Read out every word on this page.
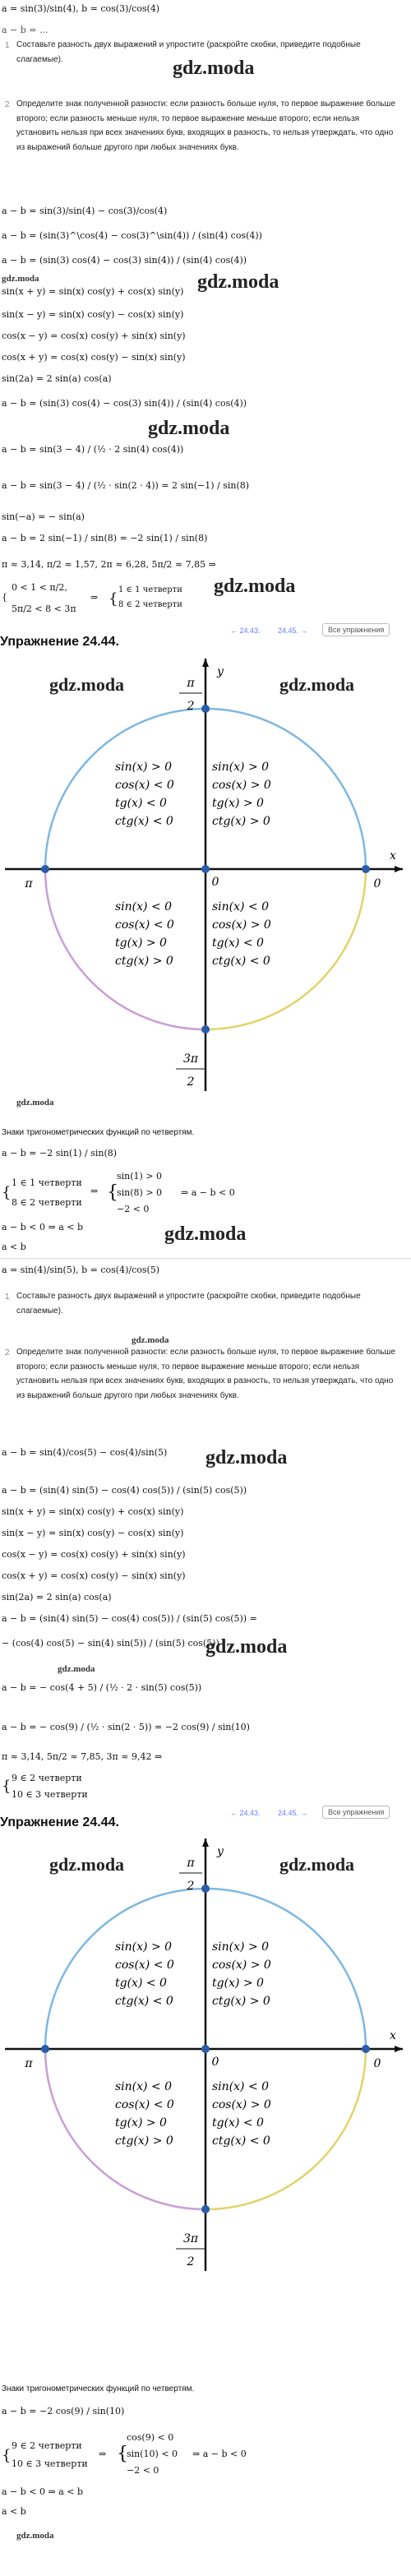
a = sin(3)/sin(4), b = cos(3)/cos(4)
a − b = ...
1 Составьте разность двух выражений и упростите (раскройте скобки, приведите подобные слагаемые).	gdz.moda
2 Определите знак полученной разности: если разность больше нуля, то первое выражение больше второго; если разность меньше нуля, то первое выражение меньше второго; если нельзя установить нельзя при всех значениях букв, входящих в разность, то нельзя утверждать, что одно из выражений больше другого при любых значениях букв.
a − b = sin(3)/sin(4) − cos(3)/cos(4)
a − b = (sin(3)^\cos(4) − cos(3)^\sin(4)) / (sin(4) cos(4))
a − b = (sin(3) cos(4) − cos(3) sin(4)) / (sin(4) cos(4))
gdz.moda
sin(x + y) = sin(x) cos(y) + cos(x) sin(y) gdz.moda
sin(x − y) = sin(x) cos(y) − cos(x) sin(y)
cos(x − y) = cos(x) cos(y) + sin(x) sin(y)
cos(x + y) = cos(x) cos(y) − sin(x) sin(y)
sin(2a) = 2 sin(a) cos(a)
a − b = (sin(3) cos(4) − cos(3) sin(4)) / (sin(4) cos(4))
gdz.moda
a − b = sin(3 − 4) / (½ · 2 sin(4) cos(4))
a − b = sin(3 − 4) / (½ · sin(2 · 4)) = 2 sin(−1) / sin(8)
sin(−a) = − sin(a)
a − b = 2 sin(−1) / sin(8) = −2 sin(1) / sin(8)
π ≈ 3,14, π/2 ≈ 1,57, 2π ≈ 6,28, 5π/2 ≈ 7,85 ⇒
0 < 1 < π/2,
5π/2 < 8 < 3π
{	⇒ {
1 ∈ 1 четверти
8 ∈ 2 четверти
gdz.moda
← 24.43. 24.45. →	Все упражнения
Упражнение 24.44.
y
x
π
2
3π
2
π	0
0
sin(x) > 0
cos(x) > 0
tg(x) > 0
ctg(x) > 0
sin(x) > 0
cos(x) < 0
tg(x) < 0
ctg(x) < 0
sin(x) < 0
cos(x) < 0
tg(x) > 0
ctg(x) > 0
sin(x) < 0
cos(x) > 0
tg(x) < 0
ctg(x) < 0
gdz.moda	gdz.moda
gdz.moda
Знаки тригонометрических функций по четвертям.
a − b = −2 sin(1) / sin(8)
{
1 ∈ 1 четверти
8 ∈ 2 четверти
⇒ {
sin(1) > 0
sin(8) > 0
−2 < 0
⇒ a − b < 0
a − b < 0 ⇒ a < b	gdz.moda
a < b
a = sin(4)/sin(5), b = cos(4)/cos(5)
1 Составьте разность двух выражений и упростите (раскройте скобки, приведите подобные слагаемые).
2
gdz.moda
Определите знак полученной разности: если разность больше нуля, то первое выражение больше второго; если разность меньше нуля, то первое выражение меньше второго; если нельзя установить нельзя при всех значениях букв, входящих в разность, то нельзя утверждать, что одно из выражений больше другого при любых значениях букв.
a − b = sin(4)/cos(5) − cos(4)/sin(5) gdz.moda
a − b = (sin(4) sin(5) − cos(4) cos(5)) / (sin(5) cos(5))
sin(x + y) = sin(x) cos(y) + cos(x) sin(y)
sin(x − y) = sin(x) cos(y) − cos(x) sin(y)
cos(x − y) = cos(x) cos(y) + sin(x) sin(y)
cos(x + y) = cos(x) cos(y) − sin(x) sin(y)
sin(2a) = 2 sin(a) cos(a)
a − b = (sin(4) sin(5) − cos(4) cos(5)) / (sin(5) cos(5)) =
− (cos(4) cos(5) − sin(4) sin(5)) / (sin(5) cos(5))
gdz.moda
gdz.moda
a − b = − cos(4 + 5) / (½ · 2 · sin(5) cos(5))
a − b = − cos(9) / (½ · sin(2 · 5)) = −2 cos(9) / sin(10)
π ≈ 3,14, 5π/2 ≈ 7,85, 3π ≈ 9,42 ⇒
{ 9 ∈ 2 четверти
10 ∈ 3 четверти
← 24.43. 24.45. →	Все упражнения
Упражнение 24.44.
y
x
π
2
3π
2
π	0
0
sin(x) > 0
cos(x) > 0
tg(x) > 0
ctg(x) > 0
sin(x) > 0
cos(x) < 0
tg(x) < 0
ctg(x) < 0
sin(x) < 0
cos(x) < 0
tg(x) > 0
ctg(x) > 0
sin(x) < 0
cos(x) > 0
tg(x) < 0
ctg(x) < 0
gdz.moda	gdz.moda
Знаки тригонометрических функций по четвертям.
a − b = −2 cos(9) / sin(10)
{
9 ∈ 2 четверти
10 ∈ 3 четверти
⇒ {
cos(9) < 0
sin(10) < 0
−2 < 0
⇒ a − b < 0
a − b < 0 ⇒ a < b
a < b
gdz.moda
